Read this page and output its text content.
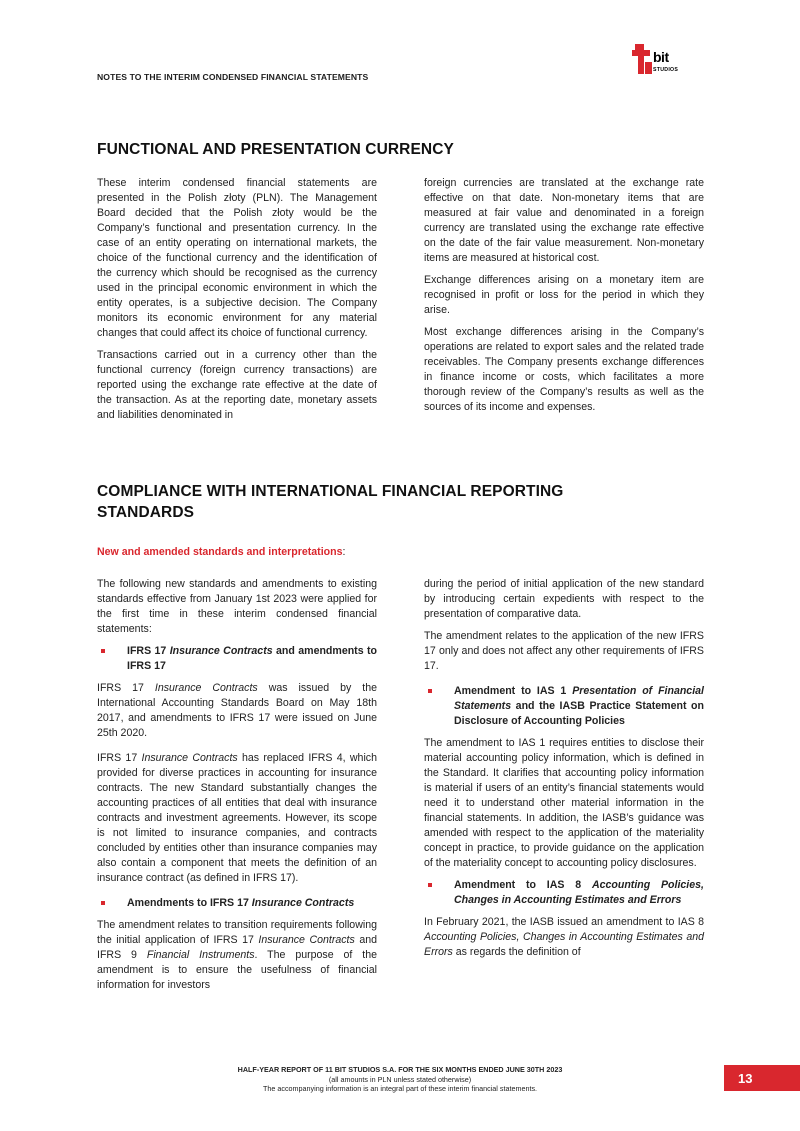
NOTES TO THE INTERIM CONDENSED FINANCIAL STATEMENTS
bit
STUDIOS
FUNCTIONAL AND PRESENTATION CURRENCY

These interim condensed financial statements are presented in the Polish złoty (PLN). The Management Board decided that the Polish złoty would be the Company’s functional and presentation currency. In the case of an entity operating on international markets, the choice of the functional currency and the identification of the currency which should be recognised as the currency used in the principal economic environment in which the entity operates, is a subjective decision. The Company monitors its economic environment for any material changes that could affect its choice of functional currency.

Transactions carried out in a currency other than the functional currency (foreign currency transactions) are reported using the exchange rate effective at the date of the transaction. As at the reporting date, monetary assets and liabilities denominated in

foreign currencies are translated at the exchange rate effective on that date. Non-monetary items that are measured at fair value and denominated in a foreign currency are translated using the exchange rate effective on the date of the fair value measurement. Non-monetary items are measured at historical cost.

Exchange differences arising on a monetary item are recognised in profit or loss for the period in which they arise.

Most exchange differences arising in the Company’s operations are related to export sales and the related trade receivables. The Company presents exchange differences in finance income or costs, which facilitates a more thorough review of the Company’s results as well as the sources of its income and expenses.

COMPLIANCE WITH INTERNATIONAL FINANCIAL REPORTING STANDARDS
New and amended standards and interpretations:

The following new standards and amendments to existing standards effective from January 1st 2023 were applied for the first time in these interim condensed financial statements:

IFRS 17 Insurance Contracts and amendments to IFRS 17

IFRS 17 Insurance Contracts was issued by the International Accounting Standards Board on May 18th 2017, and amendments to IFRS 17 were issued on June 25th 2020.

IFRS 17 Insurance Contracts has replaced IFRS 4, which provided for diverse practices in accounting for insurance contracts. The new Standard substantially changes the accounting practices of all entities that deal with insurance contracts and investment agreements. However, its scope is not limited to insurance companies, and contracts concluded by entities other than insurance companies may also contain a component that meets the definition of an insurance contract (as defined in IFRS 17).

Amendments to IFRS 17 Insurance Contracts

The amendment relates to transition requirements following the initial application of IFRS 17 Insurance Contracts and IFRS 9 Financial Instruments. The purpose of the amendment is to ensure the usefulness of financial information for investors

during the period of initial application of the new standard by introducing certain expedients with respect to the presentation of comparative data.

The amendment relates to the application of the new IFRS 17 only and does not affect any other requirements of IFRS 17.

Amendment to IAS 1 Presentation of Financial Statements and the IASB Practice Statement on Disclosure of Accounting Policies

The amendment to IAS 1 requires entities to disclose their material accounting policy information, which is defined in the Standard. It clarifies that accounting policy information is material if users of an entity’s financial statements would need it to understand other material information in the financial statements. In addition, the IASB’s guidance was amended with respect to the application of the materiality concept in practice, to provide guidance on the application of the materiality concept to accounting policy disclosures.

Amendment to IAS 8 Accounting Policies, Changes in Accounting Estimates and Errors

In February 2021, the IASB issued an amendment to IAS 8 Accounting Policies, Changes in Accounting Estimates and Errors as regards the definition of

HALF-YEAR REPORT OF 11 BIT STUDIOS S.A. FOR THE SIX MONTHS ENDED JUNE 30TH 2023
(all amounts in PLN unless stated otherwise)
The accompanying information is an integral part of these interim financial statements.
13
